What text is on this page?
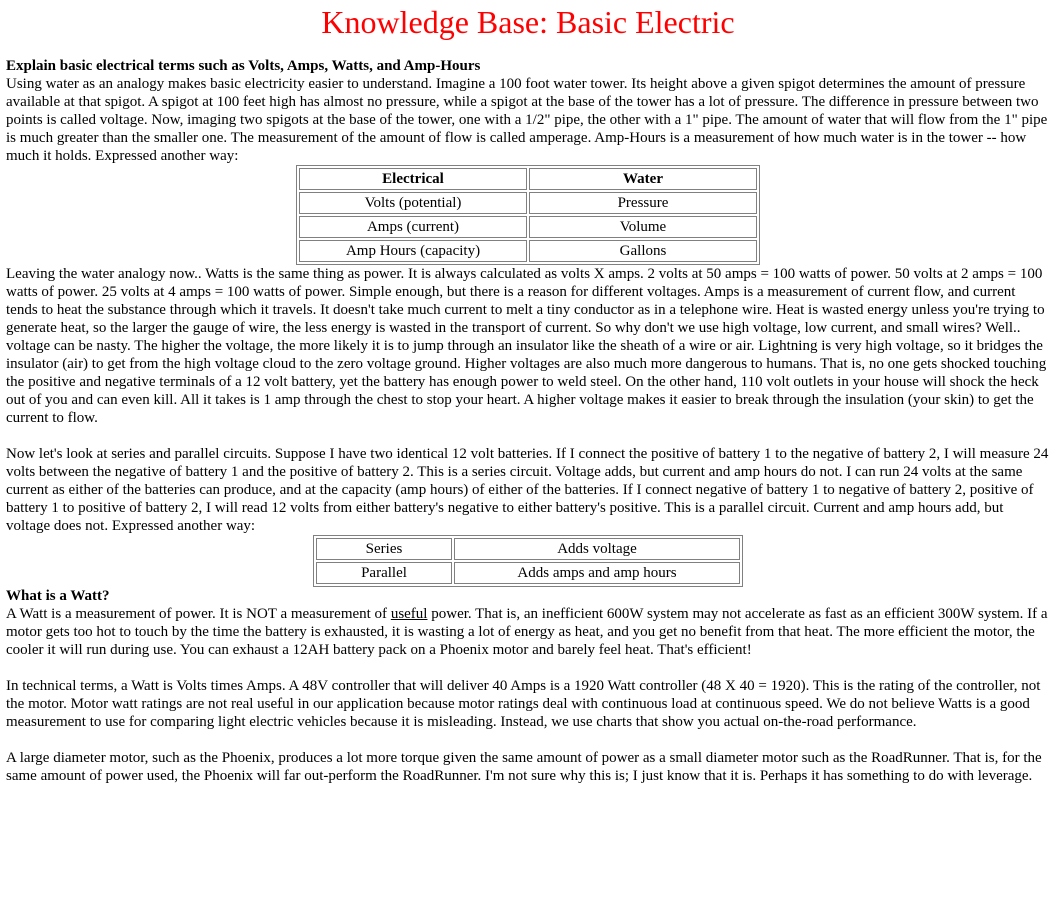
Knowledge Base: Basic Electric
Explain basic electrical terms such as Volts, Amps, Watts, and Amp-Hours

Using water as an analogy makes basic electricity easier to understand. Imagine a 100 foot water tower. Its height above a given spigot determines the amount of pressure available at that spigot. A spigot at 100 feet high has almost no pressure, while a spigot at the base of the tower has a lot of pressure. The difference in pressure between two points is called voltage. Now, imaging two spigots at the base of the tower, one with a 1/2" pipe, the other with a 1" pipe. The amount of water that will flow from the 1" pipe is much greater than the smaller one. The measurement of the amount of flow is called amperage. Amp-Hours is a measurement of how much water is in the tower -- how much it holds. Expressed another way:

Electrical	Water
Volts (potential)	Pressure
Amps (current)	Volume
Amp Hours (capacity)	Gallons

Leaving the water analogy now.. Watts is the same thing as power. It is always calculated as volts X amps. 2 volts at 50 amps = 100 watts of power. 50 volts at 2 amps = 100 watts of power. 25 volts at 4 amps = 100 watts of power. Simple enough, but there is a reason for different voltages. Amps is a measurement of current flow, and current tends to heat the substance through which it travels. It doesn't take much current to melt a tiny conductor as in a telephone wire. Heat is wasted energy unless you're trying to generate heat, so the larger the gauge of wire, the less energy is wasted in the transport of current. So why don't we use high voltage, low current, and small wires? Well.. voltage can be nasty. The higher the voltage, the more likely it is to jump through an insulator like the sheath of a wire or air. Lightning is very high voltage, so it bridges the insulator (air) to get from the high voltage cloud to the zero voltage ground. Higher voltages are also much more dangerous to humans. That is, no one gets shocked touching the positive and negative terminals of a 12 volt battery, yet the battery has enough power to weld steel. On the other hand, 110 volt outlets in your house will shock the heck out of you and can even kill. All it takes is 1 amp through the chest to stop your heart. A higher voltage makes it easier to break through the insulation (your skin) to get the current to flow.

Now let's look at series and parallel circuits. Suppose I have two identical 12 volt batteries. If I connect the positive of battery 1 to the negative of battery 2, I will measure 24 volts between the negative of battery 1 and the positive of battery 2. This is a series circuit. Voltage adds, but current and amp hours do not. I can run 24 volts at the same current as either of the batteries can produce, and at the capacity (amp hours) of either of the batteries. If I connect negative of battery 1 to negative of battery 2, positive of battery 1 to positive of battery 2, I will read 12 volts from either battery's negative to either battery's positive. This is a parallel circuit. Current and amp hours add, but voltage does not. Expressed another way:

Series	Adds voltage
Parallel	Adds amps and amp hours
What is a Watt?

A Watt is a measurement of power. It is NOT a measurement of useful power. That is, an inefficient 600W system may not accelerate as fast as an efficient 300W system. If a motor gets too hot to touch by the time the battery is exhausted, it is wasting a lot of energy as heat, and you get no benefit from that heat. The more efficient the motor, the cooler it will run during use. You can exhaust a 12AH battery pack on a Phoenix motor and barely feel heat. That's efficient!

In technical terms, a Watt is Volts times Amps. A 48V controller that will deliver 40 Amps is a 1920 Watt controller (48 X 40 = 1920). This is the rating of the controller, not the motor. Motor watt ratings are not real useful in our application because motor ratings deal with continuous load at continuous speed. We do not believe Watts is a good measurement to use for comparing light electric vehicles because it is misleading. Instead, we use charts that show you actual on-the-road performance.

A large diameter motor, such as the Phoenix, produces a lot more torque given the same amount of power as a small diameter motor such as the RoadRunner. That is, for the same amount of power used, the Phoenix will far out-perform the RoadRunner. I'm not sure why this is; I just know that it is. Perhaps it has something to do with leverage.
